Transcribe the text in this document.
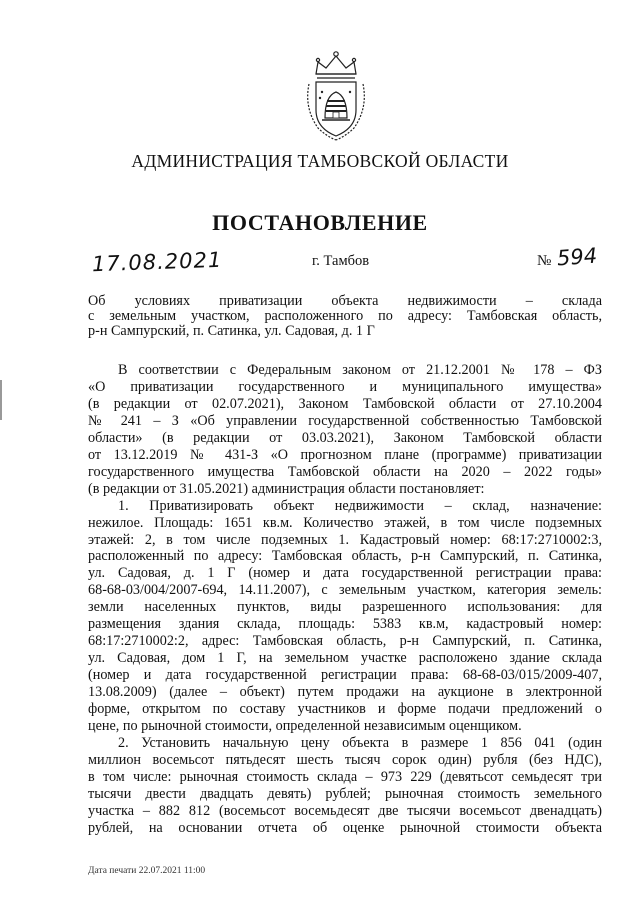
АДМИНИСТРАЦИЯ ТАМБОВСКОЙ ОБЛАСТИ
ПОСТАНОВЛЕНИЕ
17.08.2021	г. Тамбов	№ 594
Об условиях приватизации объекта недвижимости – склада
с земельным участком, расположенного по адресу: Тамбовская область,
р-н Сампурский, п. Сатинка, ул. Садовая, д. 1 Г
В соответствии с Федеральным законом от 21.12.2001 № 178 – ФЗ
«О приватизации государственного и муниципального имущества»
(в редакции от 02.07.2021), Законом Тамбовской области от 27.10.2004
№ 241 – З «Об управлении государственной собственностью Тамбовской
области» (в редакции от 03.03.2021), Законом Тамбовской области
от 13.12.2019 № 431-З «О прогнозном плане (программе) приватизации
государственного имущества Тамбовской области на 2020 – 2022 годы»
(в редакции от 31.05.2021) администрация области постановляет:
1. Приватизировать объект недвижимости – склад, назначение:
нежилое. Площадь: 1651 кв.м. Количество этажей, в том числе подземных
этажей: 2, в том числе подземных 1. Кадастровый номер: 68:17:2710002:3,
расположенный по адресу: Тамбовская область, р-н Сампурский, п. Сатинка,
ул. Садовая, д. 1 Г (номер и дата государственной регистрации права:
68-68-03/004/2007-694, 14.11.2007), с земельным участком, категория земель:
земли населенных пунктов, виды разрешенного использования: для
размещения здания склада, площадь: 5383 кв.м, кадастровый номер:
68:17:2710002:2, адрес: Тамбовская область, р-н Сампурский, п. Сатинка,
ул. Садовая, дом 1 Г, на земельном участке расположено здание склада
(номер и дата государственной регистрации права: 68-68-03/015/2009-407,
13.08.2009) (далее – объект) путем продажи на аукционе в электронной
форме, открытом по составу участников и форме подачи предложений о
цене, по рыночной стоимости, определенной независимым оценщиком.
2. Установить начальную цену объекта в размере 1 856 041 (один
миллион восемьсот пятьдесят шесть тысяч сорок один) рубля (без НДС),
в том числе: рыночная стоимость склада – 973 229 (девятьсот семьдесят три
тысячи двести двадцать девять) рублей; рыночная стоимость земельного
участка – 882 812 (восемьсот восемьдесят две тысячи восемьсот двенадцать)
рублей, на основании отчета об оценке рыночной стоимости объекта
Дата печати 22.07.2021 11:00
